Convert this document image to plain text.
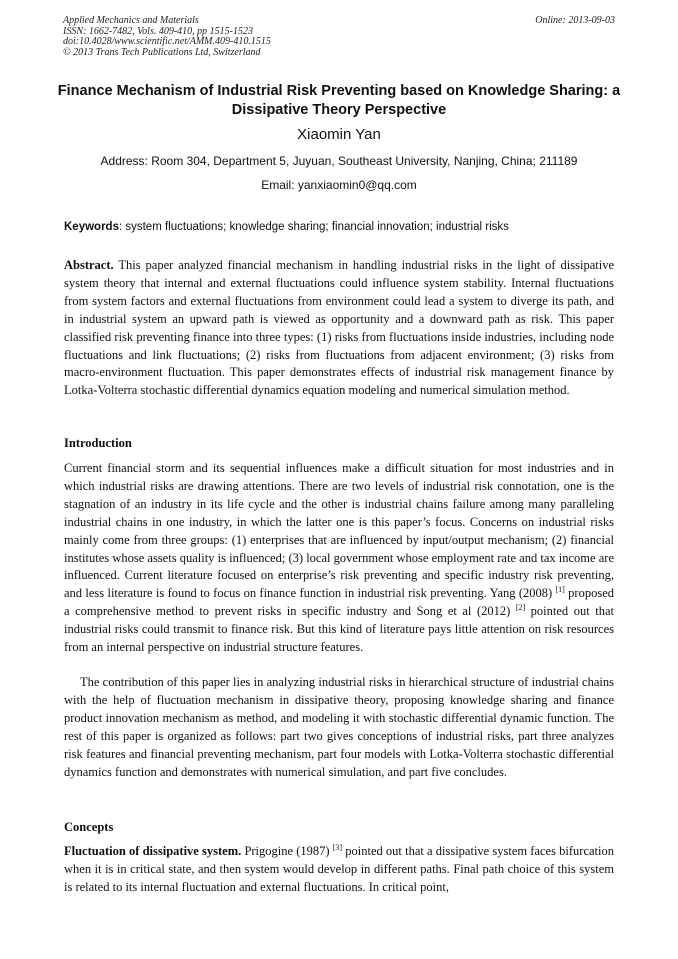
Applied Mechanics and Materials
ISSN: 1662-7482, Vols. 409-410, pp 1515-1523
doi:10.4028/www.scientific.net/AMM.409-410.1515
© 2013 Trans Tech Publications Ltd, Switzerland
Online: 2013-09-03
Finance Mechanism of Industrial Risk Preventing based on Knowledge Sharing: a Dissipative Theory Perspective
Xiaomin Yan
Address: Room 304, Department 5, Juyuan, Southeast University, Nanjing, China; 211189
Email: yanxiaomin0@qq.com
Keywords: system fluctuations; knowledge sharing; financial innovation; industrial risks
Abstract. This paper analyzed financial mechanism in handling industrial risks in the light of dissipative system theory that internal and external fluctuations could influence system stability. Internal fluctuations from system factors and external fluctuations from environment could lead a system to diverge its path, and in industrial system an upward path is viewed as opportunity and a downward path as risk. This paper classified risk preventing finance into three types: (1) risks from fluctuations inside industries, including node fluctuations and link fluctuations; (2) risks from fluctuations from adjacent environment; (3) risks from macro-environment fluctuation. This paper demonstrates effects of industrial risk management finance by Lotka-Volterra stochastic differential dynamics equation modeling and numerical simulation method.
Introduction
Current financial storm and its sequential influences make a difficult situation for most industries and in which industrial risks are drawing attentions. There are two levels of industrial risk connotation, one is the stagnation of an industry in its life cycle and the other is industrial chains failure among many paralleling industrial chains in one industry, in which the latter one is this paper’s focus. Concerns on industrial risks mainly come from three groups: (1) enterprises that are influenced by input/output mechanism; (2) financial institutes whose assets quality is influenced; (3) local government whose employment rate and tax income are influenced. Current literature focused on enterprise’s risk preventing and specific industry risk preventing, and less literature is found to focus on finance function in industrial risk preventing. Yang (2008) [1] proposed a comprehensive method to prevent risks in specific industry and Song et al (2012) [2] pointed out that industrial risks could transmit to finance risk. But this kind of literature pays little attention on risk resources from an internal perspective on industrial structure features.
The contribution of this paper lies in analyzing industrial risks in hierarchical structure of industrial chains with the help of fluctuation mechanism in dissipative theory, proposing knowledge sharing and finance product innovation mechanism as method, and modeling it with stochastic differential dynamic function. The rest of this paper is organized as follows: part two gives conceptions of industrial risks, part three analyzes risk features and financial preventing mechanism, part four models with Lotka-Volterra stochastic differential dynamics function and demonstrates with numerical simulation, and part five concludes.
Concepts
Fluctuation of dissipative system. Prigogine (1987) [3] pointed out that a dissipative system faces bifurcation when it is in critical state, and then system would develop in different paths. Final path choice of this system is related to its internal fluctuation and external fluctuations. In critical point,
